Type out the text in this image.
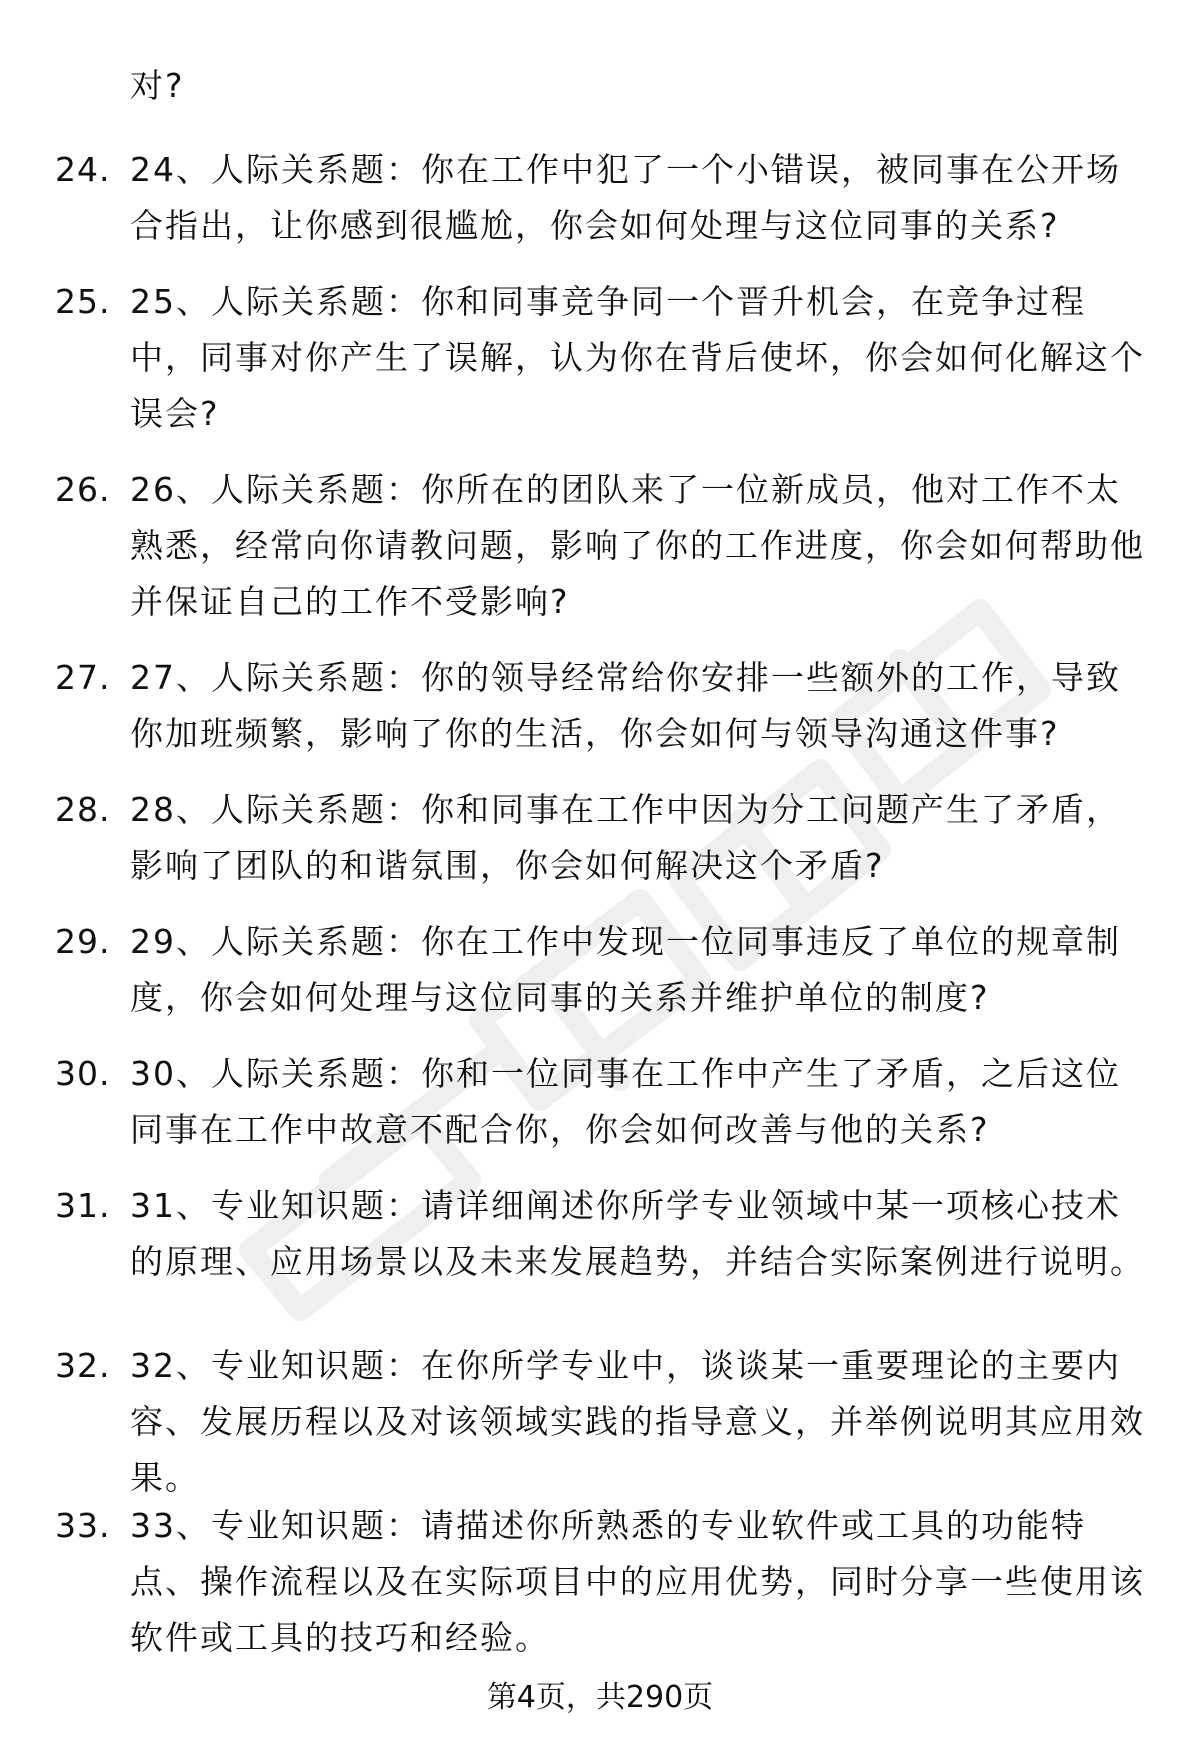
对?
24. 24、人际关系题：你在工作中犯了一个小错误，被同事在公开场合指出，让你感到很尴尬，你会如何处理与这位同事的关系?
25. 25、人际关系题：你和同事竞争同一个晋升机会，在竞争过程中，同事对你产生了误解，认为你在背后使坏，你会如何化解这个误会?
26. 26、人际关系题：你所在的团队来了一位新成员，他对工作不太熟悉，经常向你请教问题，影响了你的工作进度，你会如何帮助他并保证自己的工作不受影响?
27. 27、人际关系题：你的领导经常给你安排一些额外的工作，导致你加班频繁，影响了你的生活，你会如何与领导沟通这件事?
28. 28、人际关系题：你和同事在工作中因为分工问题产生了矛盾，影响了团队的和谐氛围，你会如何解决这个矛盾?
29. 29、人际关系题：你在工作中发现一位同事违反了单位的规章制度，你会如何处理与这位同事的关系并维护单位的制度?
30. 30、人际关系题：你和一位同事在工作中产生了矛盾，之后这位同事在工作中故意不配合你，你会如何改善与他的关系?
31. 31、专业知识题：请详细阐述你所学专业领域中某一项核心技术的原理、应用场景以及未来发展趋势，并结合实际案例进行说明。
32. 32、专业知识题：在你所学专业中，谈谈某一重要理论的主要内容、发展历程以及对该领域实践的指导意义，并举例说明其应用效果。
33. 33、专业知识题：请描述你所熟悉的专业软件或工具的功能特点、操作流程以及在实际项目中的应用优势，同时分享一些使用该软件或工具的技巧和经验。
第4页，共290页
